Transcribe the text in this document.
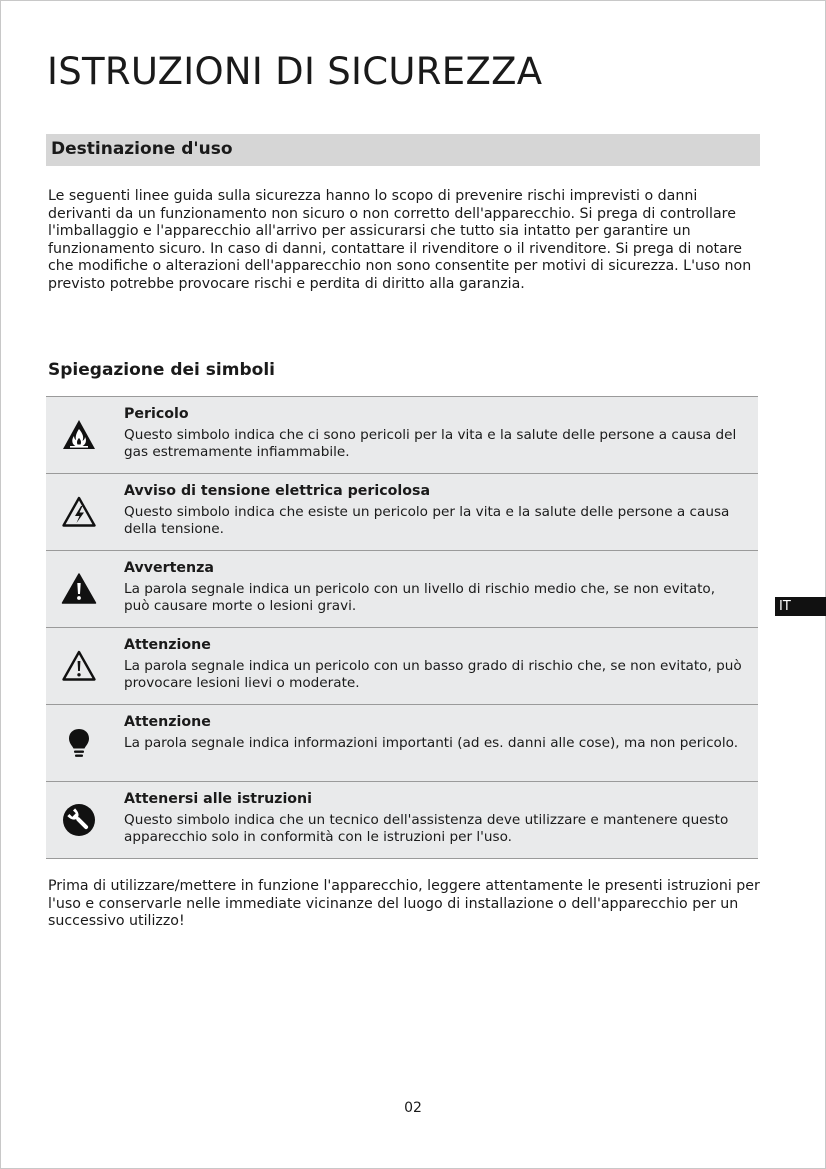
ISTRUZIONI DI SICUREZZA
Destinazione d'uso

Le seguenti linee guida sulla sicurezza hanno lo scopo di prevenire rischi imprevisti o danni derivanti da un funzionamento non sicuro o non corretto dell'apparecchio. Si prega di controllare l'imballaggio e l'apparecchio all'arrivo per assicurarsi che tutto sia intatto per garantire un funzionamento sicuro. In caso di danni, contattare il rivenditore o il rivenditore. Si prega di notare che modifiche o alterazioni dell'apparecchio non sono consentite per motivi di sicurezza. L'uso non previsto potrebbe provocare rischi e perdita di diritto alla garanzia.

Spiegazione dei simboli
Pericolo
Questo simbolo indica che ci sono pericoli per la vita e la salute delle persone a causa del gas estremamente infiammabile.
Avviso di tensione elettrica pericolosa
Questo simbolo indica che esiste un pericolo per la vita e la salute delle persone a causa della tensione.
Avvertenza
La parola segnale indica un pericolo con un livello di rischio medio che, se non evitato, può causare morte o lesioni gravi.
Attenzione
La parola segnale indica un pericolo con un basso grado di rischio che, se non evitato, può provocare lesioni lievi o moderate.
Attenzione
La parola segnale indica informazioni importanti (ad es. danni alle cose), ma non pericolo.
Attenersi alle istruzioni
Questo simbolo indica che un tecnico dell'assistenza deve utilizzare e mantenere questo apparecchio solo in conformità con le istruzioni per l'uso.

Prima di utilizzare/mettere in funzione l'apparecchio, leggere attentamente le presenti istruzioni per l'uso e conservarle nelle immediate vicinanze del luogo di installazione o dell'apparecchio per un successivo utilizzo!

IT
02
